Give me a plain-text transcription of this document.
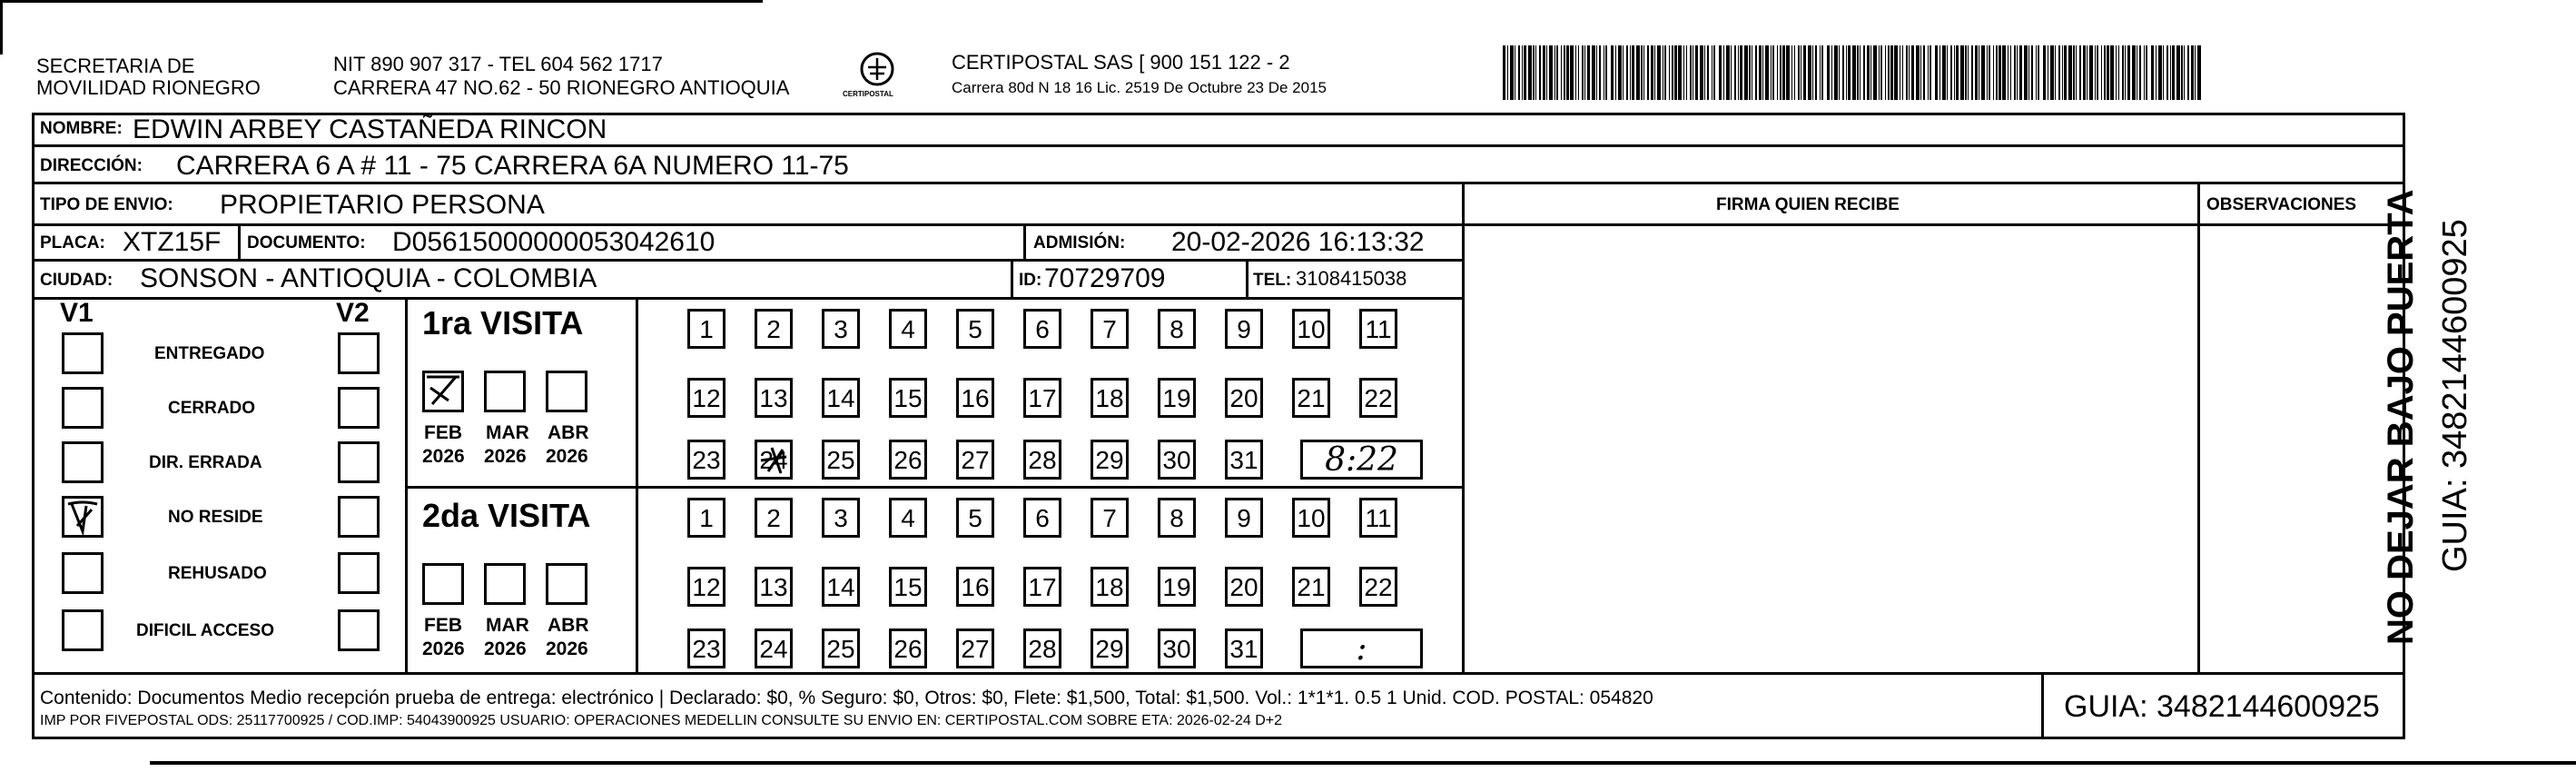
SECRETARIA DE
MOVILIDAD RIONEGRO
NIT 890 907 317 - TEL 604 562 1717
CARRERA 47 NO.62 - 50 RIONEGRO ANTIOQUIA	CERTIPOSTAL
CERTIPOSTAL SAS [ 900 151 122 - 2
Carrera 80d N 18 16 Lic. 2519 De Octubre 23 De 2015
NOMBRE: EDWIN ARBEY CASTAÑEDA RINCON
DIRECCIÓN: CARRERA 6 A # 11 - 75 CARRERA 6A NUMERO 11-75
TIPO DE ENVIO: PROPIETARIO PERSONA	FIRMA QUIEN RECIBE	OBSERVACIONES
PLACA: XTZ15F DOCUMENTO: D05615000000053042610	ADMISIÓN: 20-02-2026 16:13:32
CIUDAD: SONSON - ANTIOQUIA - COLOMBIA	ID: 70729709	TEL: 3108415038
V1	V2
Contenido: Documentos Medio recepción prueba de entrega: electrónico | Declarado: $0, % Seguro: $0, Otros: $0, Flete: $1,500, Total: $1,500. Vol.: 1*1*1. 0.5 1 Unid. COD. POSTAL: 054820
IMP POR FIVEPOSTAL ODS: 25117700925 / COD.IMP: 54043900925 USUARIO: OPERACIONES MEDELLIN CONSULTE SU ENVIO EN: CERTIPOSTAL.COM SOBRE ETA: 2026-02-24 D+2	GUIA: 3482144600925
NO DEJAR BAJO PUERTA GUIA: 3482144600925
ENTREGADO
CERRADO
DIR. ERRADA
NO RESIDE
REHUSADO
DIFICIL ACCESO
1ra VISITA
FEB
2026
MAR
2026
ABR
2026
1	2	3	4	5	6	7	8	9	10 11
12 13 14 15 16 17 18 19 20 21 22
23 24 25 26 27 28 29 30 31	8:22
2da VISITA
FEB
2026
MAR
2026
ABR
2026
1	2	3	4	5	6	7	8	9	10 11
12 13 14 15 16 17 18 19 20 21 22
23 24 25 26 27 28 29 30 31	:
